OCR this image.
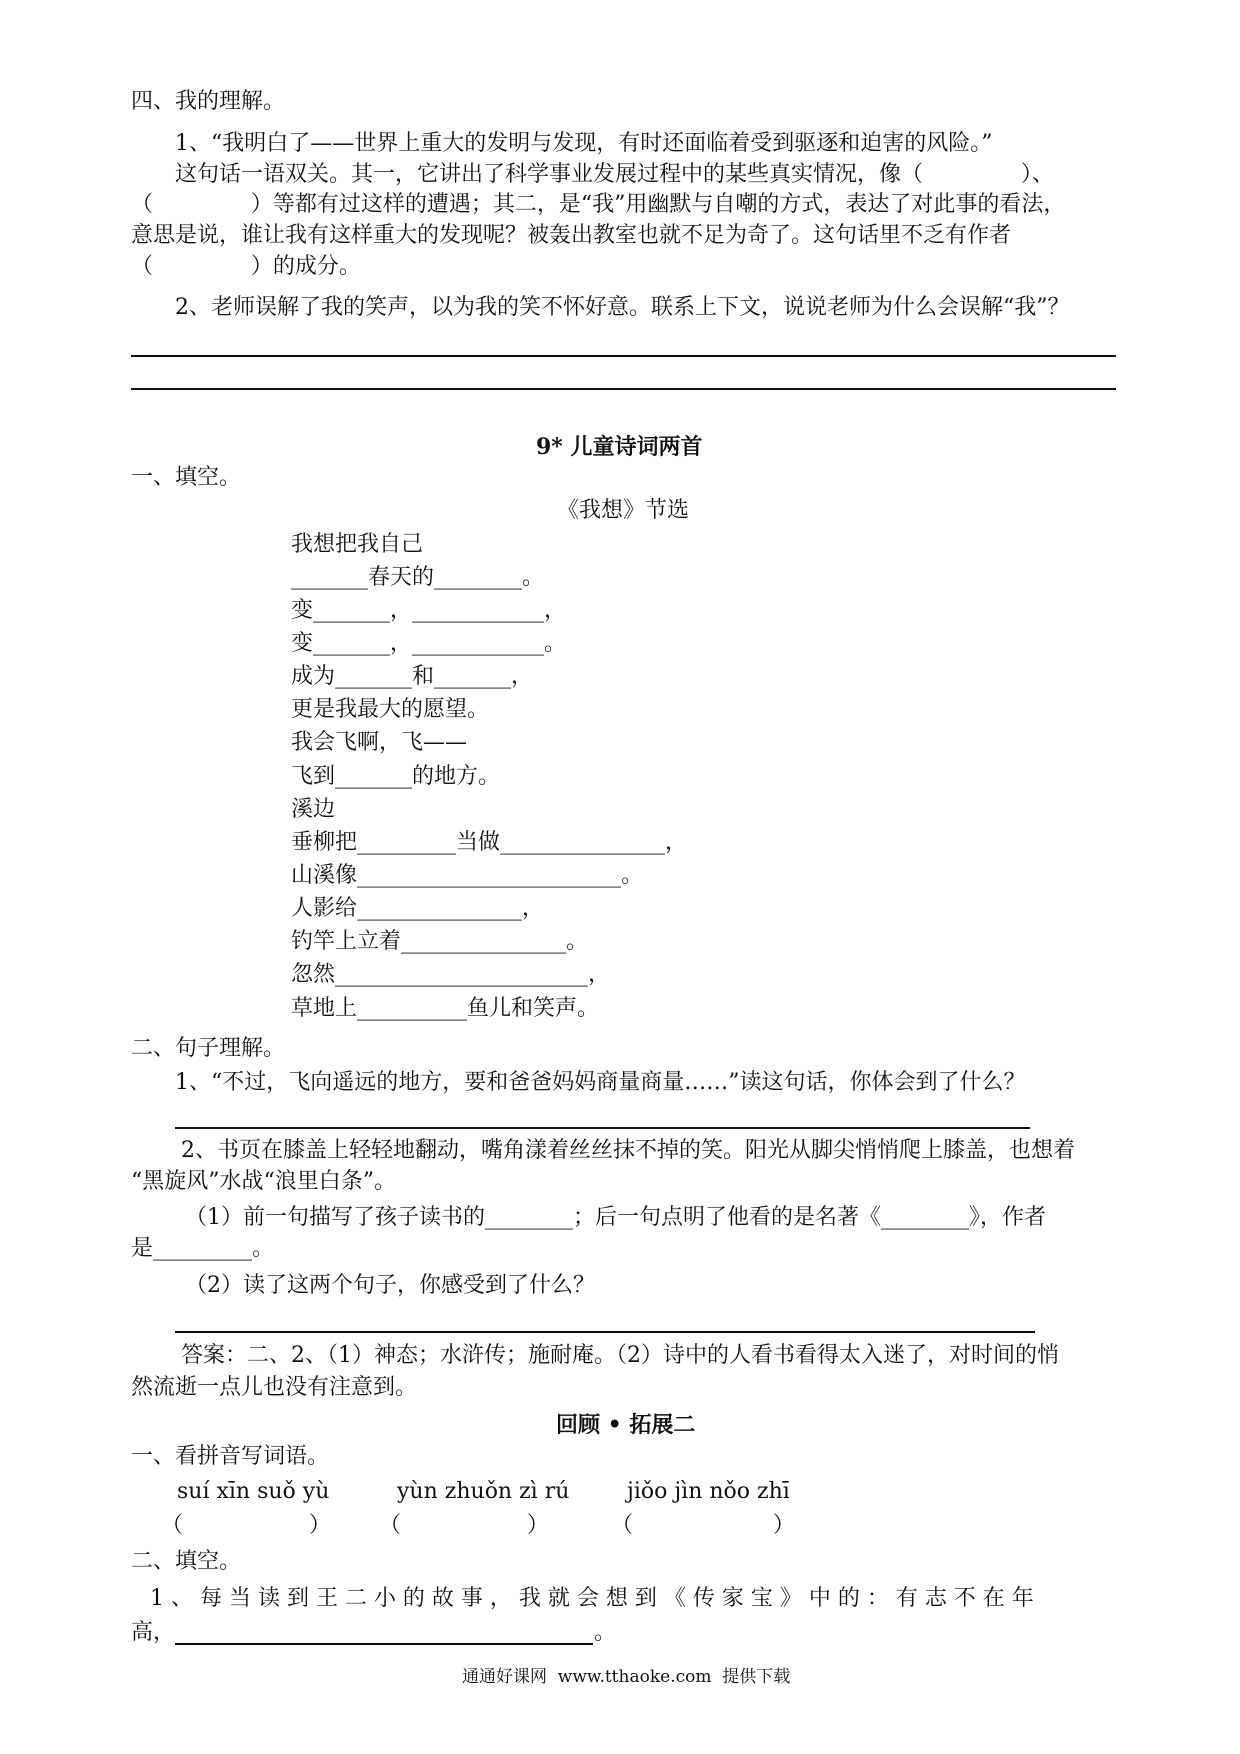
四、我的理解。
1、“我明白了——世界上重大的发明与发现，有时还面临着受到驱逐和迫害的风险。”
这句话一语双关。其一，它讲出了科学事业发展过程中的某些真实情况，像（              ）、
（              ）等都有过这样的遭遇；其二，是“我”用幽默与自嘲的方式，表达了对此事的看法，
意思是说，谁让我有这样重大的发现呢？被轰出教室也就不足为奇了。这句话里不乏有作者
（              ）的成分。
2、老师误解了我的笑声，以为我的笑不怀好意。联系上下文，说说老师为什么会误解“我”？
9* 儿童诗词两首
一、填空。
《我想》节选
我想把我自己
_______春天的________。
变_______，____________，
变_______，____________。
成为_______和_______，
更是我最大的愿望。
我会飞啊，飞——
飞到_______的地方。
溪边
垂柳把_________当做_______________，
山溪像________________________。
人影给_______________，
钓竿上立着_______________。
忽然_______________________，
草地上__________鱼儿和笑声。
二、句子理解。
1、“不过，飞向遥远的地方，要和爸爸妈妈商量商量……”读这句话，你体会到了什么？
2、书页在膝盖上轻轻地翻动，嘴角漾着丝丝抹不掉的笑。阳光从脚尖悄悄爬上膝盖，也想着
“黑旋风”水战“浪里白条”。
（1）前一句描写了孩子读书的________；后一句点明了他看的是名著《________》，作者
是_________。
（2）读了这两个句子，你感受到了什么？
答案：二、2、（1）神态；水浒传；施耐庵。（2）诗中的人看书看得太入迷了，对时间的悄
然流逝一点儿也没有注意到。
回顾 • 拓展二
一、看拼音写词语。
suí xīn suǒ yù	yùn zhuǒn zì rú	jiǒo jìn nǒo zhī
（                  ） （                  ）	（                    ）
二、填空。
1 、 每 当 读 到 王 二 小 的 故 事 ， 我 就 会 想 到 《 传 家 宝 》 中 的 ： 有 志 不 在 年
高，	。
通通好课网  www.tthaoke.com  提供下载
